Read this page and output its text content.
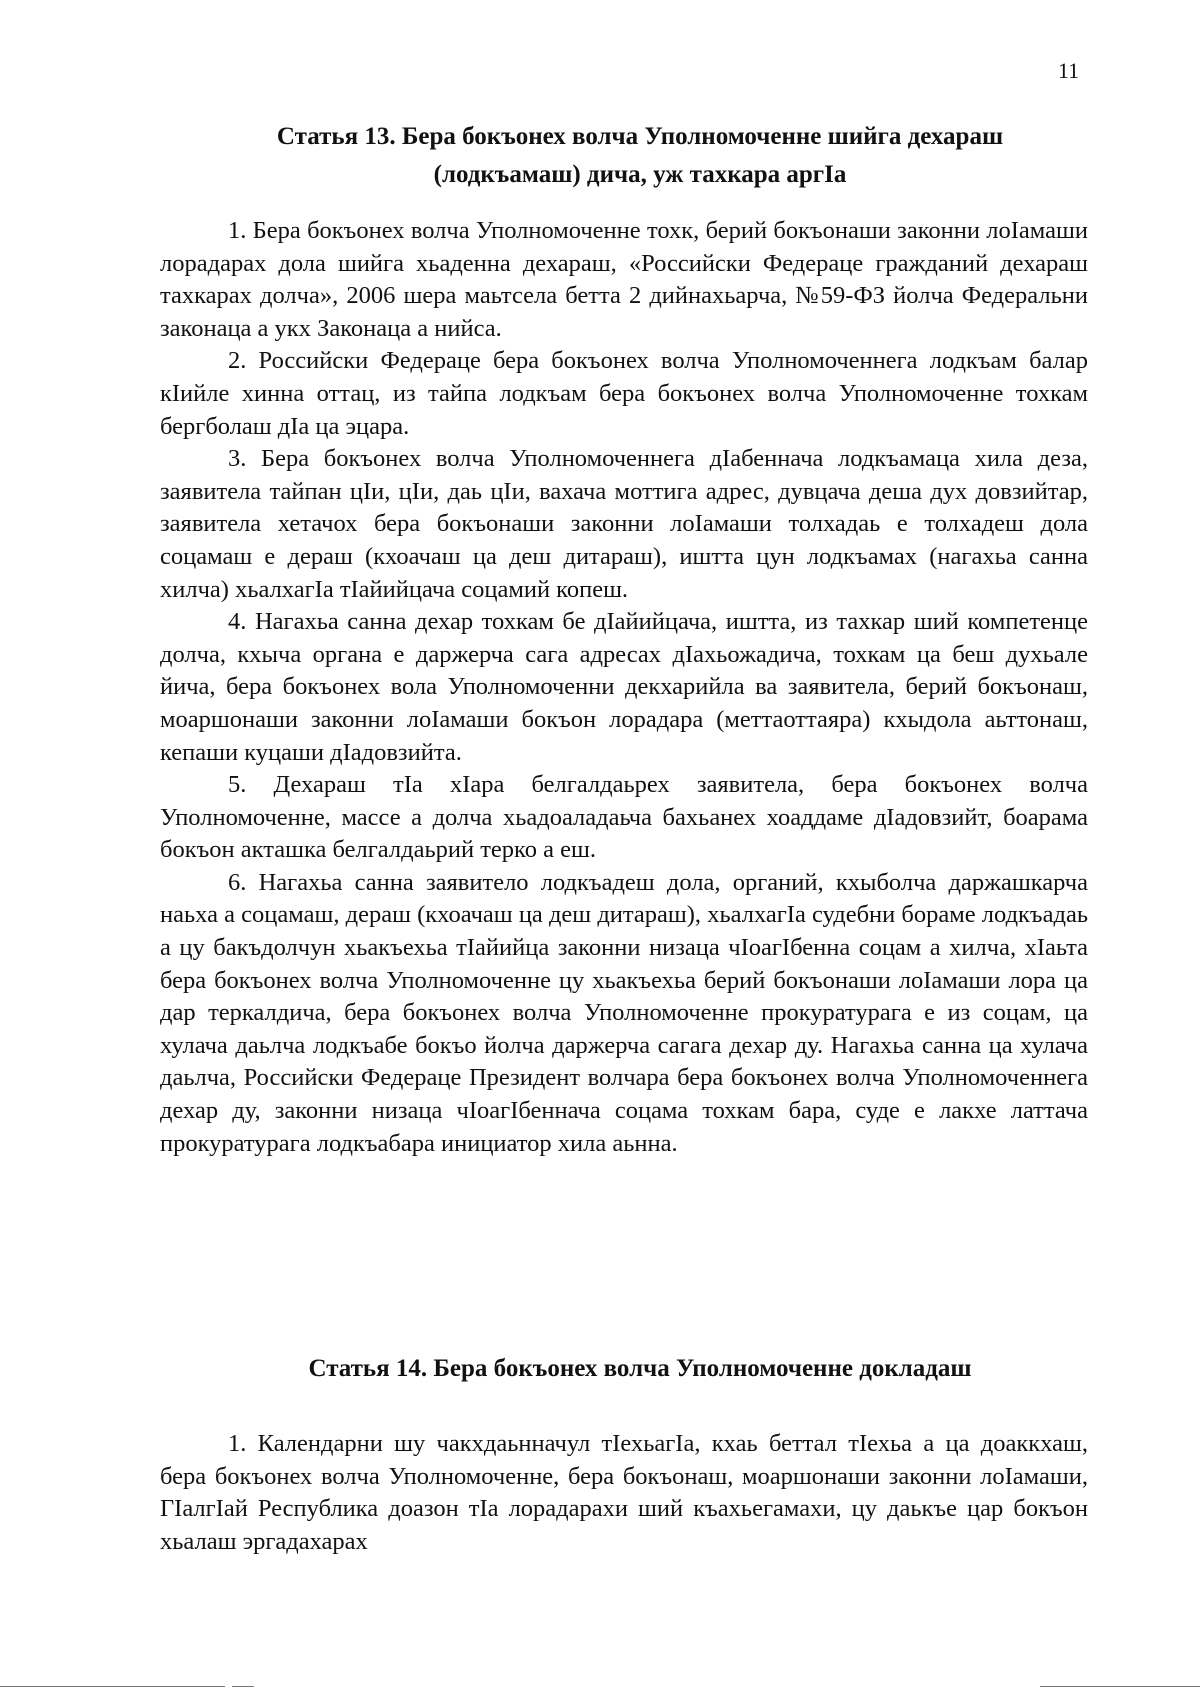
11
Статья 13. Бера бокъонех волча Уполномоченне шийга дехараш
(лодкъамаш) дича, уж тахкара аргIа

1. Бера бокъонех волча Уполномоченне тохк, берий бокъонаши законни лоIамаши лорадарах дола шийга хьаденна дехараш, «Российски Федераце гражданий дехараш тахкарах долча», 2006 шера маьтсела бетта 2 дийнахьарча, №59-ФЗ йолча Федеральни законаца а укх Законаца а нийса.

2. Российски Федераце бера бокъонех волча Уполномоченнега лодкъам балар кIийле хинна оттац, из тайпа лодкъам бера бокъонех волча Уполномоченне тохкам бергболаш дIа ца эцара.

3. Бера бокъонех волча Уполномоченнега дIабеннача лодкъамаца хила деза, заявитела тайпан цIи, цIи, даь цIи, вахача моттига адрес, дувцача деша дух довзийтар, заявитела хетачох бера бокъонаши законни лоIамаши толхадаь е толхадеш дола соцамаш е дераш (кхоачаш ца деш дитараш), иштта цун лодкъамах (нагахьа санна хилча) хьалхагIа тIайийцача соцамий копеш.

4. Нагахьа санна дехар тохкам бе дIайийцача, иштта, из тахкар ший компетенце долча, кхыча органа е даржерча сага адресах дIахьожадича, тохкам ца беш духьале йича, бера бокъонех вола Уполномоченни декхарийла ва заявитела, берий бокъонаш, моаршонаши законни лоIамаши бокъон лорадара (меттаоттаяра) кхыдола аьттонаш, кепаши куцаши дIадовзийта.

5. Дехараш тIа хIара белгалдаьрех заявитела, бера бокъонех волча Уполномоченне, массе а долча хьадоаладаьча бахьанех хоаддаме дIадовзийт, боарама бокъон акташка белгалдаьрий терко а еш.

6. Нагахьа санна заявитело лодкъадеш дола, органий, кхыболча даржашкарча наьха а соцамаш, дераш (кхоачаш ца деш дитараш), хьалхагIа судебни бораме лодкъадаь а цу бакъдолчун хьакъехьа тIайийца законни низаца чIоагIбенна соцам а хилча, хIаьта бера бокъонех волча Уполномоченне цу хьакъехьа берий бокъонаши лоIамаши лора ца дар теркалдича, бера бокъонех волча Уполномоченне прокуратурага е из соцам, ца хулача даьлча лодкъабе бокъо йолча даржерча сагага дехар ду. Нагахьа санна ца хулача даьлча, Российски Федераце Президент волчара бера бокъонех волча Уполномоченнега дехар ду, законни низаца чIоагIбеннача соцама тохкам бара, суде е лакхе латтача прокуратурага лодкъабара инициатор хила аьнна.

Статья 14. Бера бокъонех волча Уполномоченне докладаш

1. Календарни шу чакхдаьнначул тIехьагIа, кхаь беттал тIехьа а ца доаккхаш, бера бокъонех волча Уполномоченне, бера бокъонаш, моаршонаши законни лоIамаши, ГIалгIай Республика доазон тIа лорадарахи ший къахьегамахи, цу даькъе цар бокъон хьалаш эргадахарах
